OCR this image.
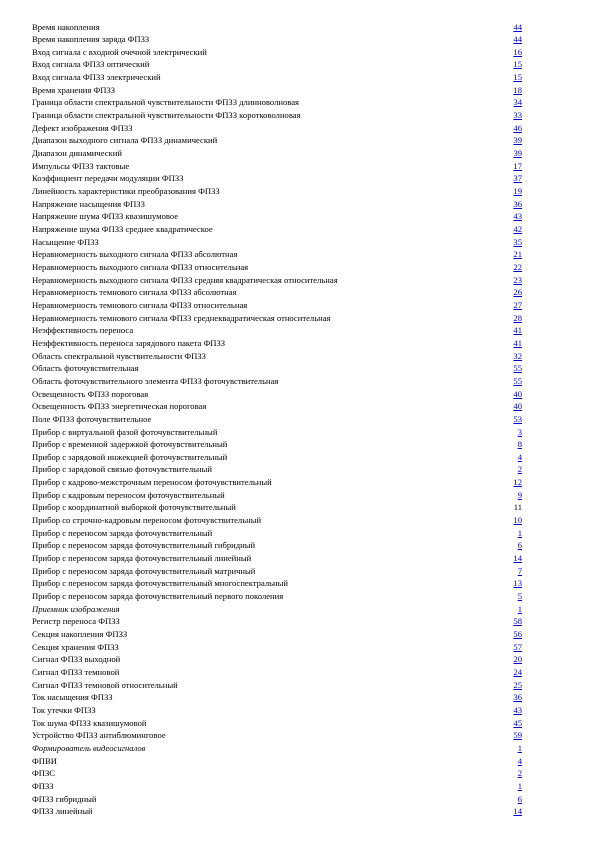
Время накопления	44
Время накопления заряда ФПЗЗ	44
Вход сигнала с входной очечной электрический	16
Вход сигнала ФПЗЗ оптический	15
Вход сигнала ФПЗЗ электрический	15
Время хранения ФПЗЗ	18
Граница области спектральной чувствительности ФПЗЗ длинноволновая	34
Граница области спектральной чувствительности ФПЗЗ коротковолновая	33
Дефект изображения ФПЗЗ	46
Диапазон выходного сигнала ФПЗЗ динамический	39
Диапазон динамический	39
Импульсы ФПЗЗ тактовые	17
Коэффициент передачи модуляции ФПЗЗ	37
Линейность характеристики преобразования ФПЗЗ	19
Напряжение насыщения ФПЗЗ	36
Напряжение шума ФПЗЗ квазишумовое	43
Напряжение шума ФПЗЗ среднее квадратическое	42
Насыщение ФПЗЗ	35
Неравномерность выходного сигнала ФПЗЗ абсолютная	21
Неравномерность выходного сигнала ФПЗЗ относительная	22
Неравномерность выходного сигнала ФПЗЗ средняя квадратическая относительная	23
Неравномерность темнового сигнала ФПЗЗ абсолютная	26
Неравномерность темнового сигнала ФПЗЗ относительная	27
Неравномерность темнового сигнала ФПЗЗ среднеквадратическая относительная	28
Неэффективность переноса	41
Неэффективность переноса зарядового пакета ФПЗЗ	41
Область спектральной чувствительности ФПЗЗ	32
Область фоточувствительная	55
Область фоточувствительного элемента ФПЗЗ фоточувствительная	55
Освещенность ФПЗЗ пороговая	40
Освещенность ФПЗЗ энергетическая пороговая	40
Поле ФПЗЗ фоточувствительное	53
Прибор с виртуальной фазой фоточувствительный	3
Прибор с временной задержкой фоточувствительный	8
Прибор с зарядовой инжекцией фоточувствительный	4
Прибор с зарядовой связью фоточувствительный	2
Прибор с кадрово-межстрочным переносом фоточувствительный	12
Прибор с кадровым переносом фоточувствительный	9
Прибор с координатной выборкой фоточувствительный	11
Прибор со строчно-кадровым переносом фоточувствительный	10
Прибор с переносом заряда фоточувствительный	1
Прибор с переносом заряда фоточувствительный гибридный	6
Прибор с переносом заряда фоточувствительный линейный	14
Прибор с переносом заряда фоточувствительный матричный	7
Прибор с переносом заряда фоточувствительный многоспектральный	13
Прибор с переносом заряда фоточувствительный первого поколения	5
Приемник изображения	1
Регистр переноса ФПЗЗ	58
Секция накопления ФПЗЗ	56
Секция хранения ФПЗЗ	57
Сигнал ФПЗЗ выходной	20
Сигнал ФПЗЗ темновой	24
Сигнал ФПЗЗ темновой относительный	25
Ток насыщения ФПЗЗ	36
Ток утечки ФПЗЗ	43
Ток шума ФПЗЗ квазишумовой	45
Устройство ФПЗЗ антиблюминговое	59
Формирователь видеосигналов	1
ФПВИ	4
ФПЗС	2
ФПЗЗ	1
ФПЗЗ гибридный	6
ФПЗЗ линейный	14
